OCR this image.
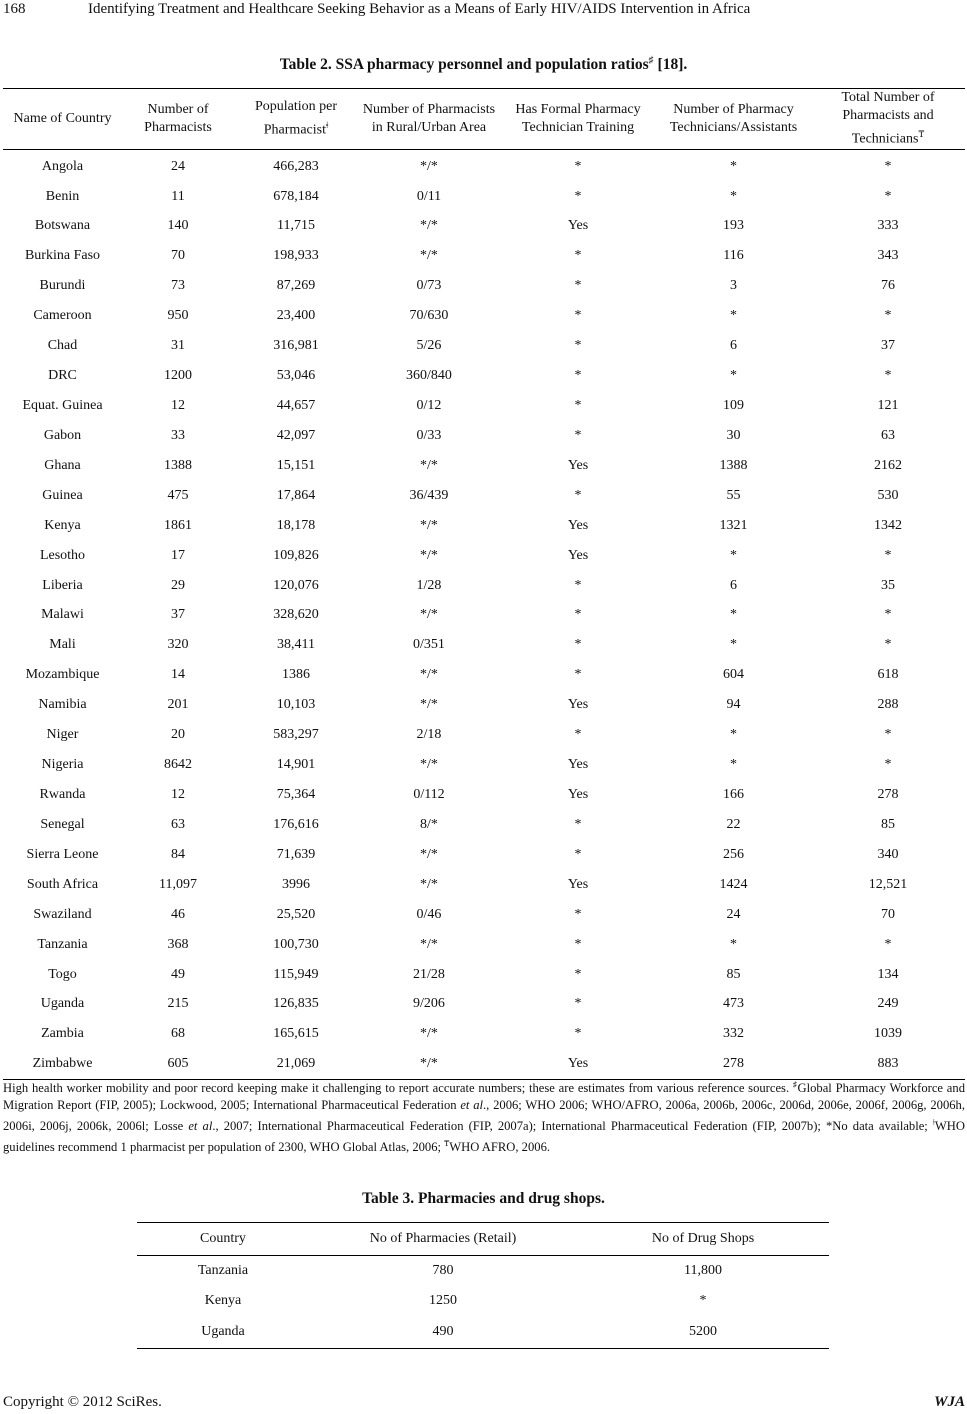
168	Identifying Treatment and Healthcare Seeking Behavior as a Means of Early HIV/AIDS Intervention in Africa
Table 2. SSA pharmacy personnel and population ratios♯ [18].
Name of Country	Number of Pharmacists	Population per Pharmacist$^ǂ$	Number of Pharmacists in Rural/Urban Area	Has Formal Pharmacy Technician Training	Number of Pharmacy Technicians/Assistants	Total Number of Pharmacists and Technicians₸
Angola	24	466,283	*/*	*	*	*
Benin	11	678,184	0/11	*	*	*
Botswana	140	11,715	*/*	Yes	193	333
Burkina Faso	70	198,933	*/*	*	116	343
Burundi	73	87,269	0/73	*	3	76
Cameroon	950	23,400	70/630	*	*	*
Chad	31	316,981	5/26	*	6	37
DRC	1200	53,046	360/840	*	*	*
Equat. Guinea	12	44,657	0/12	*	109	121
Gabon	33	42,097	0/33	*	30	63
Ghana	1388	15,151	*/*	Yes	1388	2162
Guinea	475	17,864	36/439	*	55	530
Kenya	1861	18,178	*/*	Yes	1321	1342
Lesotho	17	109,826	*/*	Yes	*	*
Liberia	29	120,076	1/28	*	6	35
Malawi	37	328,620	*/*	*	*	*
Mali	320	38,411	0/351	*	*	*
Mozambique	14	1386	*/*	*	604	618
Namibia	201	10,103	*/*	Yes	94	288
Niger	20	583,297	2/18	*	*	*
Nigeria	8642	14,901	*/*	Yes	*	*
Rwanda	12	75,364	0/112	Yes	166	278
Senegal	63	176,616	8/*	*	22	85
Sierra Leone	84	71,639	*/*	*	256	340
South Africa	11,097	3996	*/*	Yes	1424	12,521
Swaziland	46	25,520	0/46	*	24	70
Tanzania	368	100,730	*/*	*	*	*
Togo	49	115,949	21/28	*	85	134
Uganda	215	126,835	9/206	*	473	249
Zambia	68	165,615	*/*	*	332	1039
Zimbabwe	605	21,069	*/*	Yes	278	883

High health worker mobility and poor record keeping make it challenging to report accurate numbers; these are estimates from various reference sources. ♯Global Pharmacy Workforce and Migration Report (FIP, 2005); Lockwood, 2005; International Pharmaceutical Federation et al., 2006; WHO 2006; WHO/AFRO, 2006a, 2006b, 2006c, 2006d, 2006e, 2006f, 2006g, 2006h, 2006i, 2006j, 2006k, 2006l; Losse et al., 2007; International Pharmaceutical Federation (FIP, 2007a); International Pharmaceutical Federation (FIP, 2007b); *No data available; $^ǂ$WHO guidelines recommend 1 pharmacist per population of 2300, WHO Global Atlas, 2006; ₸WHO AFRO, 2006.

Table 3. Pharmacies and drug shops.
Country	No of Pharmacies (Retail)	No of Drug Shops
Tanzania	780	11,800
Kenya	1250	*
Uganda	490	5200
Copyright © 2012 SciRes.	WJA
